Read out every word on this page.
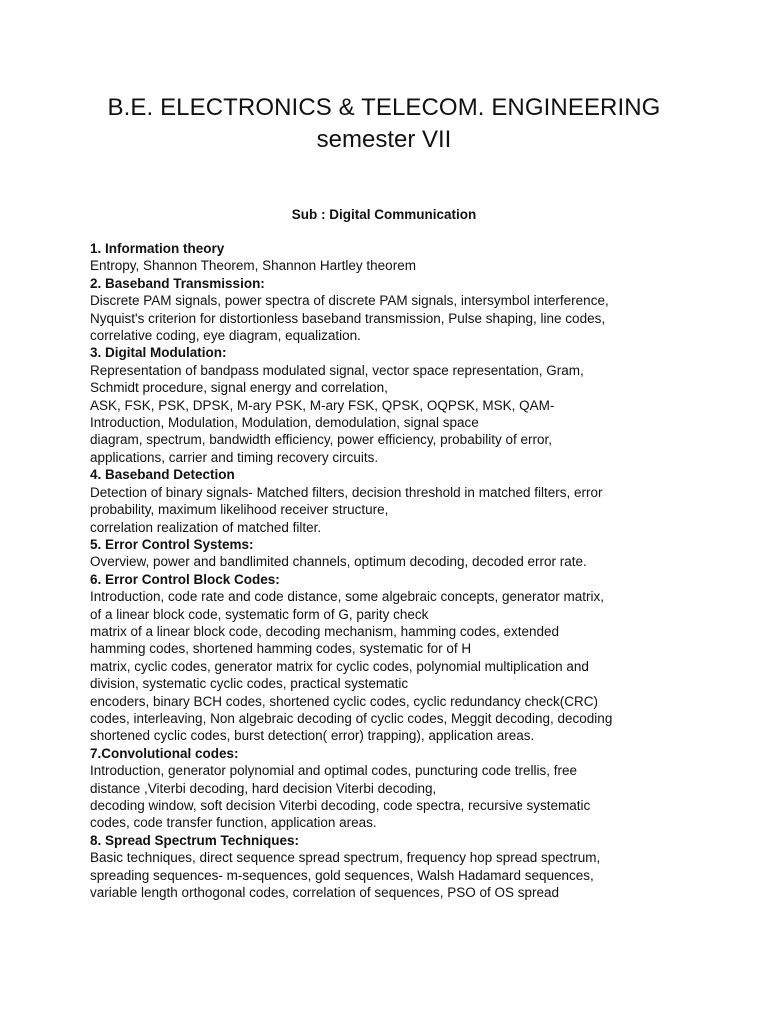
B.E. ELECTRONICS & TELECOM. ENGINEERING
semester VII
Sub : Digital Communication
1. Information theory
Entropy, Shannon Theorem, Shannon Hartley theorem
2. Baseband Transmission:
Discrete PAM signals, power spectra of discrete PAM signals, intersymbol interference,
Nyquist's criterion for distortionless baseband transmission, Pulse shaping, line codes,
correlative coding, eye diagram, equalization.
3. Digital Modulation:
Representation of bandpass modulated signal, vector space representation, Gram,
Schmidt procedure, signal energy and correlation,
ASK, FSK, PSK, DPSK, M-ary PSK, M-ary FSK, QPSK, OQPSK, MSK, QAM-
Introduction, Modulation, Modulation, demodulation, signal space
diagram, spectrum, bandwidth efficiency, power efficiency, probability of error,
applications, carrier and timing recovery circuits.
4. Baseband Detection
Detection of binary signals- Matched filters, decision threshold in matched filters, error
probability, maximum likelihood receiver structure,
correlation realization of matched filter.
5. Error Control Systems:
Overview, power and bandlimited channels, optimum decoding, decoded error rate.
6. Error Control Block Codes:
Introduction, code rate and code distance, some algebraic concepts, generator matrix,
of a linear block code, systematic form of G, parity check
matrix of a linear block code, decoding mechanism, hamming codes, extended
hamming codes, shortened hamming codes, systematic for of H
matrix, cyclic codes, generator matrix for cyclic codes, polynomial multiplication and
division, systematic cyclic codes, practical systematic
encoders, binary BCH codes, shortened cyclic codes, cyclic redundancy check(CRC)
codes, interleaving, Non algebraic decoding of cyclic codes, Meggit decoding, decoding
shortened cyclic codes, burst detection( error) trapping), application areas.
7.Convolutional codes:
Introduction, generator polynomial and optimal codes, puncturing code trellis, free
distance ,Viterbi decoding, hard decision Viterbi decoding,
decoding window, soft decision Viterbi decoding, code spectra, recursive systematic
codes, code transfer function, application areas.
8. Spread Spectrum Techniques:
Basic techniques, direct sequence spread spectrum, frequency hop spread spectrum,
spreading sequences- m-sequences, gold sequences, Walsh Hadamard sequences,
variable length orthogonal codes, correlation of sequences, PSO of OS spread
